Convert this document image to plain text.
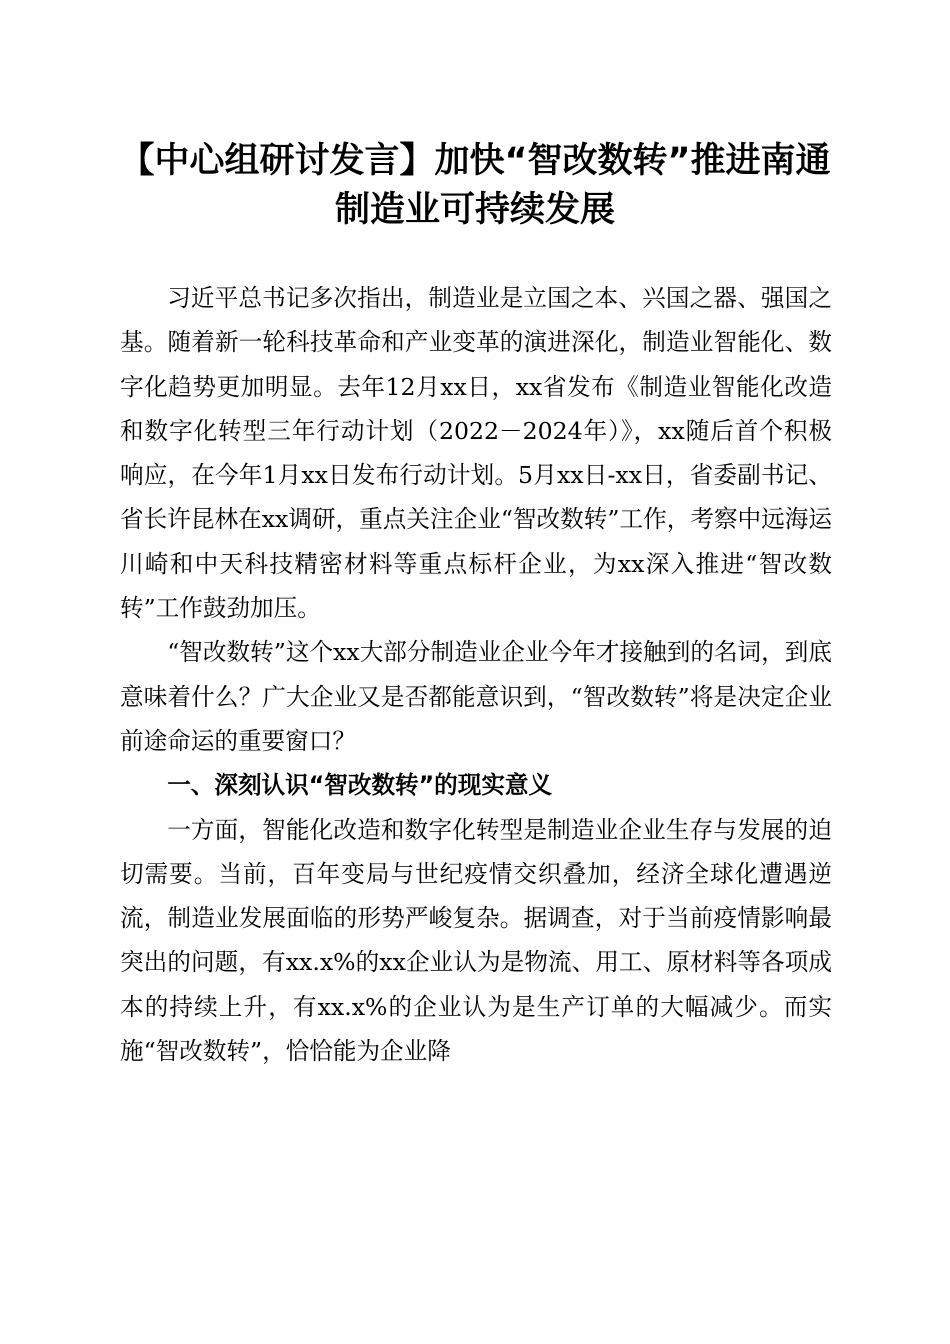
【中心组研讨发言】加快“智改数转”推进南通制造业可持续发展

习近平总书记多次指出，制造业是立国之本、兴国之器、强国之基。随着新一轮科技革命和产业变革的演进深化，制造业智能化、数字化趋势更加明显。去年12月xx日，xx省发布《制造业智能化改造和数字化转型三年行动计划（2022－2024年）》，xx随后首个积极响应，在今年1月xx日发布行动计划。5月xx日-xx日，省委副书记、省长许昆林在xx调研，重点关注企业“智改数转”工作，考察中远海运川崎和中天科技精密材料等重点标杆企业，为xx深入推进“智改数转”工作鼓劲加压。

“智改数转”这个xx大部分制造业企业今年才接触到的名词，到底意味着什么？广大企业又是否都能意识到，“智改数转”将是决定企业前途命运的重要窗口？

一、深刻认识“智改数转”的现实意义

一方面，智能化改造和数字化转型是制造业企业生存与发展的迫切需要。当前，百年变局与世纪疫情交织叠加，经济全球化遭遇逆流，制造业发展面临的形势严峻复杂。据调查，对于当前疫情影响最突出的问题，有xx.x%的xx企业认为是物流、用工、原材料等各项成本的持续上升，有xx.x%的企业认为是生产订单的大幅减少。而实施“智改数转”，恰恰能为企业降
